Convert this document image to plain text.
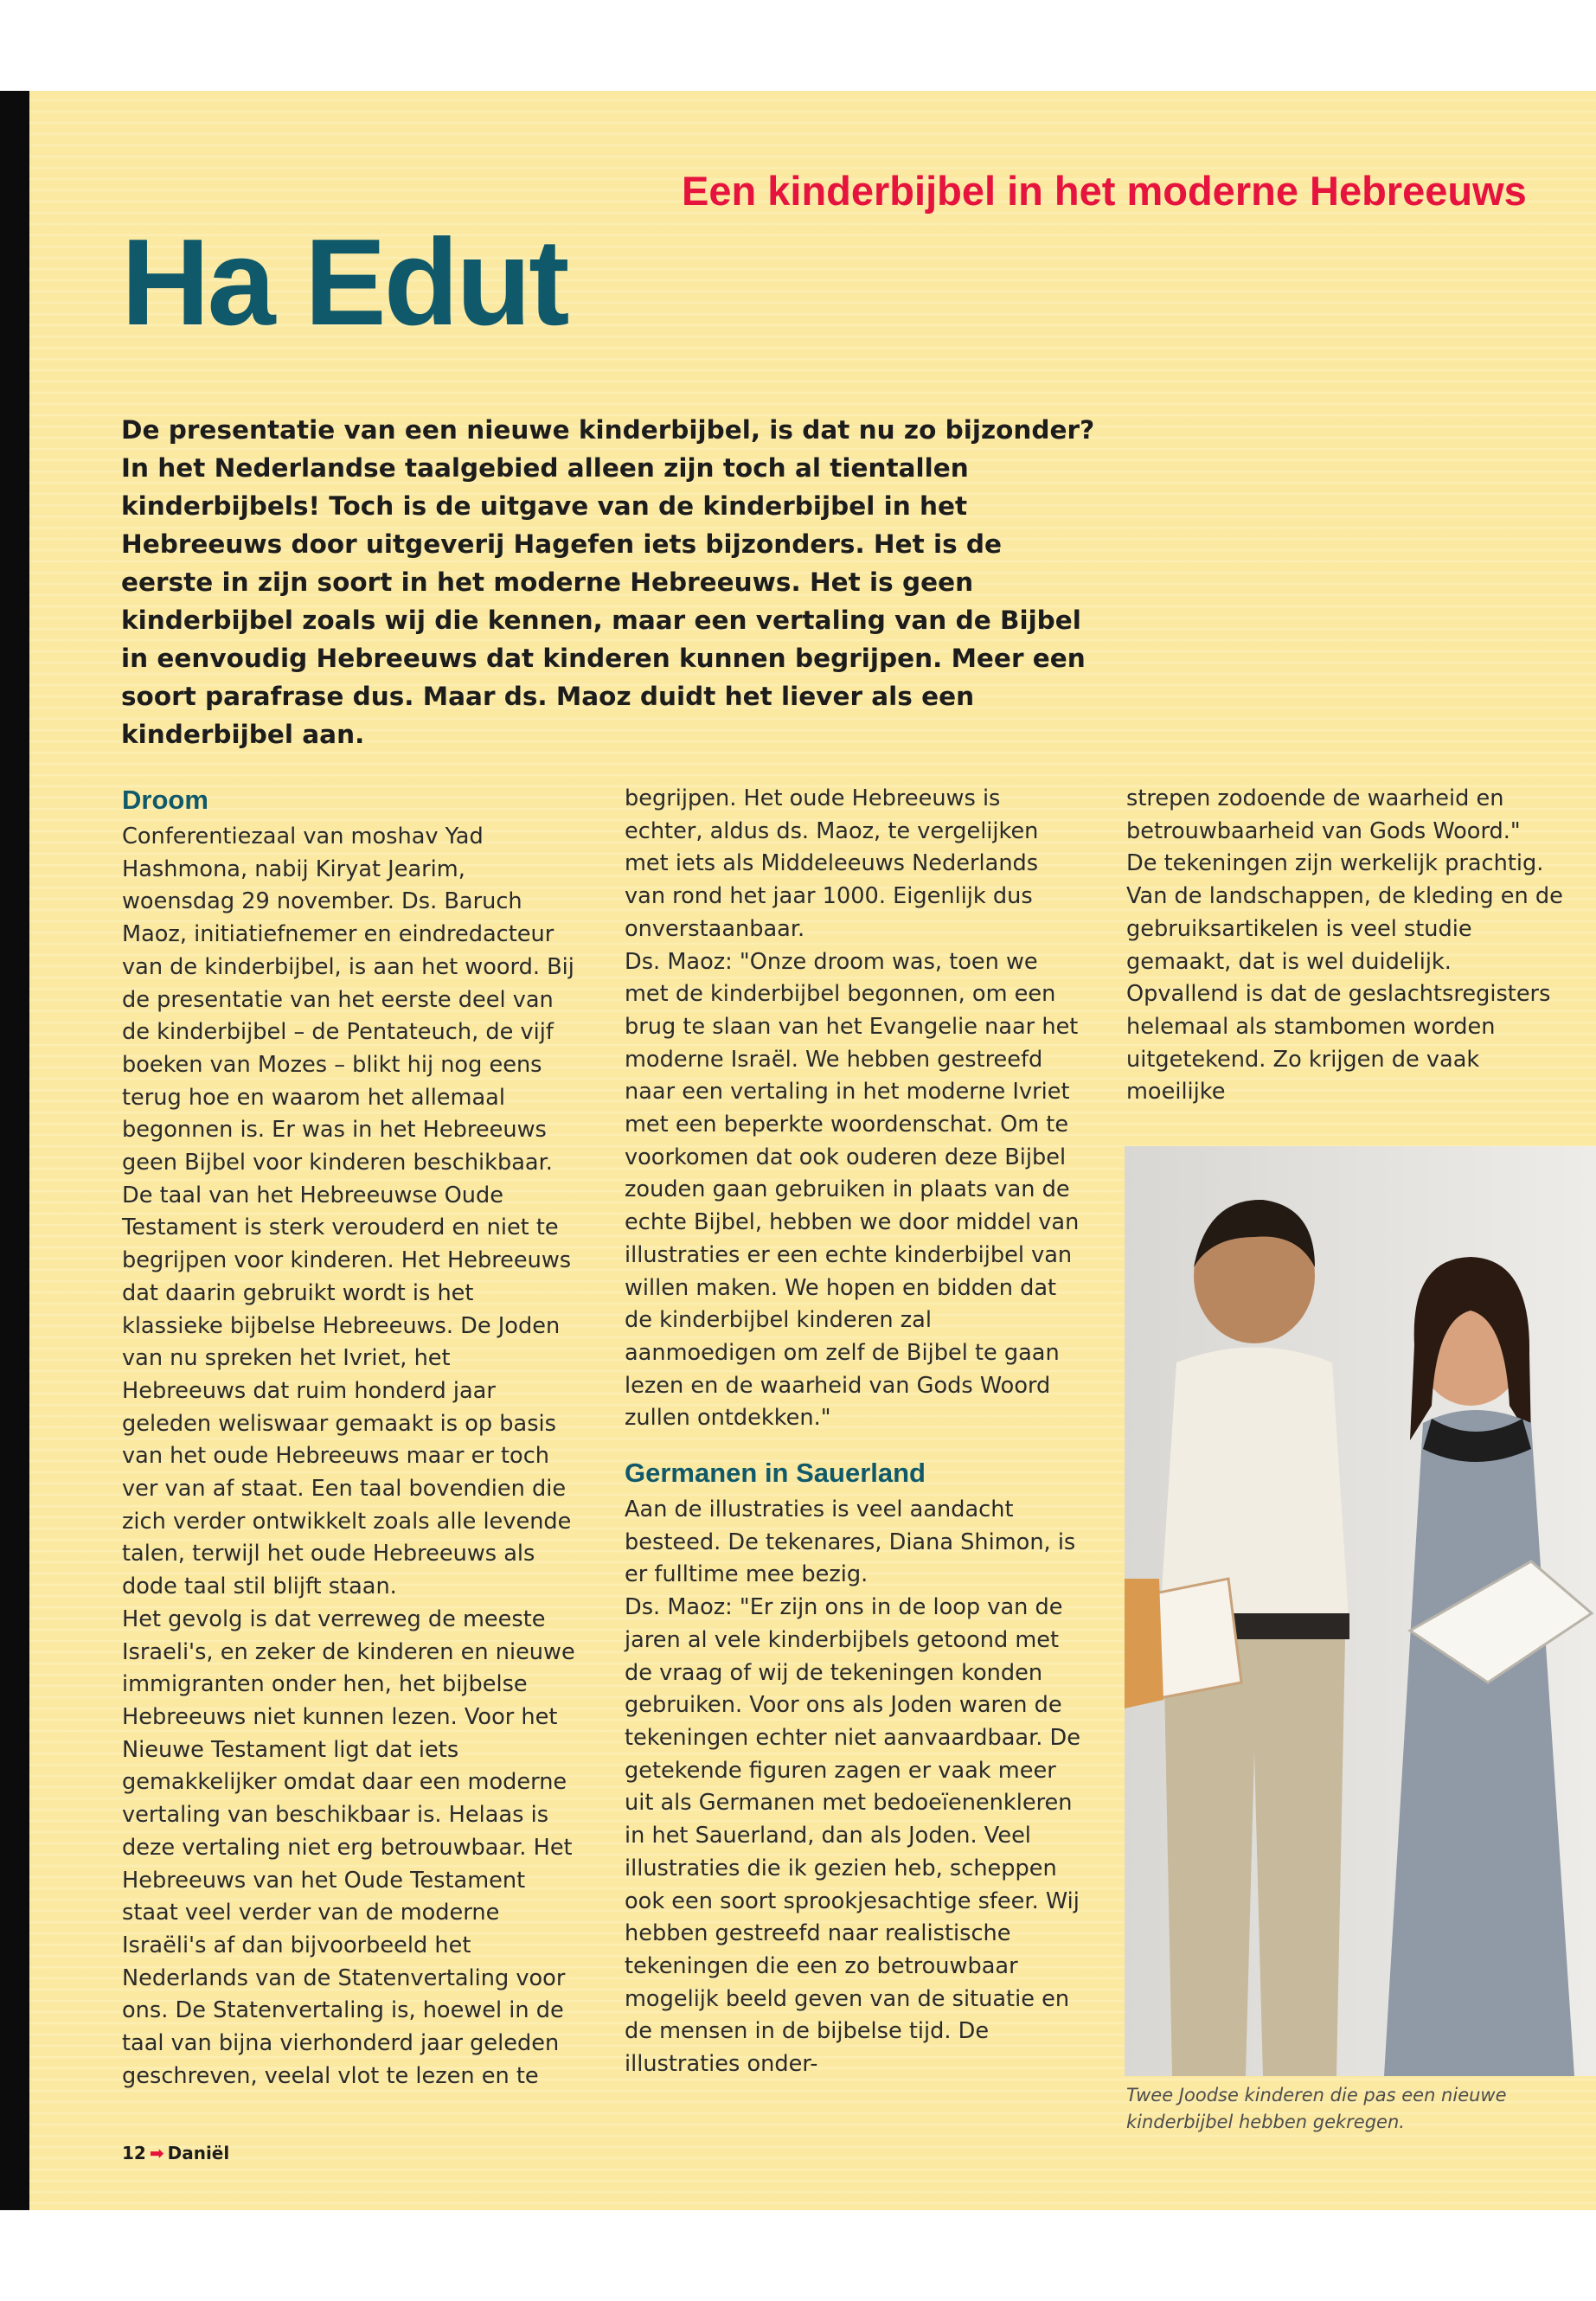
Een kinderbijbel in het moderne Hebreeuws
Ha Edut
De presentatie van een nieuwe kinderbijbel, is dat nu zo bijzonder? In het Nederlandse taalgebied alleen zijn toch al tientallen kinderbijbels! Toch is de uitgave van de kinderbijbel in het Hebreeuws door uitgeverij Hagefen iets bijzonders. Het is de eerste in zijn soort in het moderne Hebreeuws. Het is geen kinderbijbel zoals wij die kennen, maar een vertaling van de Bijbel in eenvoudig Hebreeuws dat kinderen kunnen begrijpen. Meer een soort parafrase dus. Maar ds. Maoz duidt het liever als een kinderbijbel aan.
Droom

Conferentiezaal van moshav Yad Hashmona, nabij Kiryat Jearim, woensdag 29 november. Ds. Baruch Maoz, initiatiefnemer en eindredacteur van de kinderbijbel, is aan het woord. Bij de presentatie van het eerste deel van de kinderbijbel – de Pentateuch, de vijf boeken van Mozes – blikt hij nog eens terug hoe en waarom het allemaal begonnen is. Er was in het Hebreeuws geen Bijbel voor kinderen beschikbaar. De taal van het Hebreeuwse Oude Testament is sterk verouderd en niet te begrijpen voor kinderen. Het Hebreeuws dat daarin gebruikt wordt is het klassieke bijbelse Hebreeuws. De Joden van nu spreken het Ivriet, het Hebreeuws dat ruim honderd jaar geleden weliswaar gemaakt is op basis van het oude Hebreeuws maar er toch ver van af staat. Een taal bovendien die zich verder ontwikkelt zoals alle levende talen, terwijl het oude Hebreeuws als dode taal stil blijft staan.

Het gevolg is dat verreweg de meeste Israeli's, en zeker de kinderen en nieuwe immigranten onder hen, het bijbelse Hebreeuws niet kunnen lezen. Voor het Nieuwe Testament ligt dat iets gemakkelijker omdat daar een moderne vertaling van beschikbaar is. Helaas is deze vertaling niet erg betrouwbaar. Het Hebreeuws van het Oude Testament staat veel verder van de moderne Israëli's af dan bijvoorbeeld het Nederlands van de Statenvertaling voor ons. De Statenvertaling is, hoewel in de taal van bijna vierhonderd jaar geleden geschreven, veelal vlot te lezen en te

begrijpen. Het oude Hebreeuws is echter, aldus ds. Maoz, te vergelijken met iets als Middeleeuws Nederlands van rond het jaar 1000. Eigenlijk dus onverstaanbaar.

Ds. Maoz: "Onze droom was, toen we met de kinderbijbel begonnen, om een brug te slaan van het Evangelie naar het moderne Israël. We hebben gestreefd naar een vertaling in het moderne Ivriet met een beperkte woordenschat. Om te voorkomen dat ook ouderen deze Bijbel zouden gaan gebruiken in plaats van de echte Bijbel, hebben we door middel van illustraties er een echte kinderbijbel van willen maken. We hopen en bidden dat de kinderbijbel kinderen zal aanmoedigen om zelf de Bijbel te gaan lezen en de waarheid van Gods Woord zullen ontdekken."

Germanen in Sauerland

Aan de illustraties is veel aandacht besteed. De tekenares, Diana Shimon, is er fulltime mee bezig.

Ds. Maoz: "Er zijn ons in de loop van de jaren al vele kinderbijbels getoond met de vraag of wij de tekeningen konden gebruiken. Voor ons als Joden waren de tekeningen echter niet aanvaardbaar. De getekende figuren zagen er vaak meer uit als Germanen met bedoeïenenkleren in het Sauerland, dan als Joden. Veel illustraties die ik gezien heb, scheppen ook een soort sprookjesachtige sfeer. Wij hebben gestreefd naar realistische tekeningen die een zo betrouwbaar mogelijk beeld geven van de situatie en de mensen in de bijbelse tijd. De illustraties onder-

strepen zodoende de waarheid en betrouwbaarheid van Gods Woord."

De tekeningen zijn werkelijk prachtig. Van de landschappen, de kleding en de gebruiksartikelen is veel studie gemaakt, dat is wel duidelijk.

Opvallend is dat de geslachtsregisters helemaal als stambomen worden uitgetekend. Zo krijgen de vaak moeilijke

Twee Joodse kinderen die pas een nieuwe kinderbijbel hebben gekregen.
12 ➡ Daniël
